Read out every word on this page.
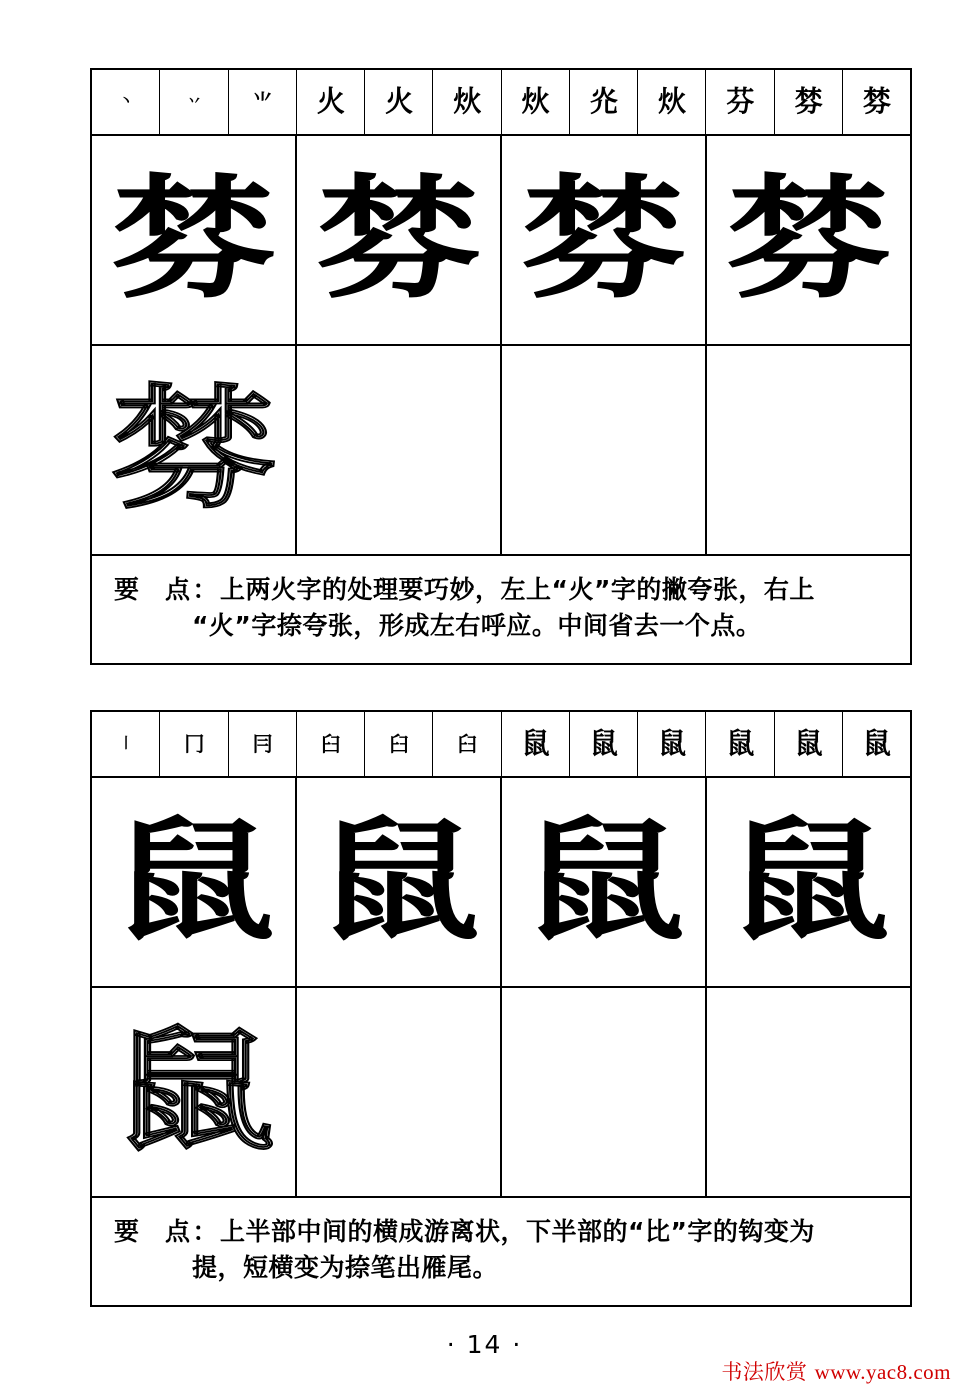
丶	丷	⺌ 火 火 炏 炏 灮 炏 芬 棼 棼
棼 棼 棼 棼
棼
要　点 ： 上两火字的处理要巧妙，左上“火”字的撇夸张，右上
“火”字捺夸张，形成左右呼应。中间省去一个点。
丨	冂 冃 臼 臼 臼 鼠 鼠 鼠 鼠 鼠 鼠
鼠 鼠 鼠 鼠
鼠
要　点 ： 上半部中间的横成游离状，下半部的“比”字的钩变为
提，短横变为捺笔出雁尾。
· 14 ·
书法欣赏 www.yac8.com
